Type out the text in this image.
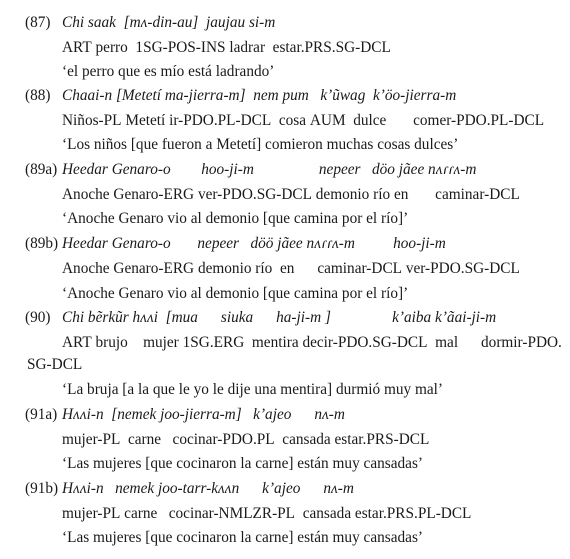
(87) Chi saak  [mʌ-din-au]  jaujau si-m
ART perro  1SG-POS-INS ladrar  estar.PRS.SG-DCL
‘el perro que es mío está ladrando’
(88) Chaai-n [Metetí ma-jierra-m]  nem pum   k’ũwag  k’öo-jierra-m
Niños-PL Metetí ir-PDO.PL-DCL  cosa AUM  dulce       comer-PDO.PL-DCL
‘Los niños [que fueron a Metetí] comieron muchas cosas dulces’
(89a) Heedar Genaro-o        hoo-ji-m                 nepeer   döo jãee nʌɾɾʌ-m
Anoche Genaro-ERG ver-PDO.SG-DCL demonio río en       caminar-DCL
‘Anoche Genaro vio al demonio [que camina por el río]’
(89b) Heedar Genaro-o       nepeer   döö jãee nʌɾɾʌ-m          hoo-ji-m
Anoche Genaro-ERG demonio río  en      caminar-DCL ver-PDO.SG-DCL
‘Anoche Genaro vio al demonio [que camina por el río]’
(90) Chi bẽrkũr hʌʌi  [mua      siuka      ha-ji-m ]                k’aiba k’ãai-ji-m
ART brujo    mujer 1SG.ERG  mentira decir-PDO.SG-DCL  mal      dormir-PDO.
SG-DCL
‘La bruja [a la que le yo le dije una mentira] durmió muy mal’
(91a) Hʌʌi-n  [nemek joo-jierra-m]   k’ajeo      nʌ-m
mujer-PL  carne   cocinar-PDO.PL  cansada estar.PRS-DCL
‘Las mujeres [que cocinaron la carne] están muy cansadas’
(91b) Hʌʌi-n   nemek joo-tarr-kʌʌn      k’ajeo      nʌ-m
mujer-PL carne   cocinar-NMLZR-PL  cansada estar.PRS.PL-DCL
‘Las mujeres [que cocinaron la carne] están muy cansadas’
